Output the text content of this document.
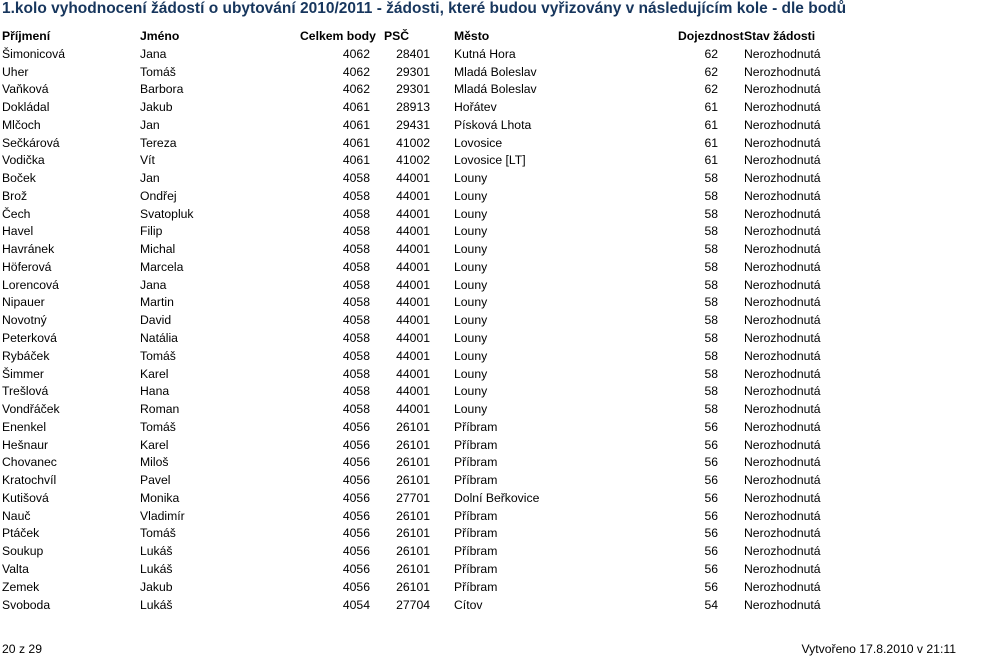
1.kolo vyhodnocení žádostí o ubytování 2010/2011 - žádosti, které budou vyřizovány v následujícím kole - dle bodů
Příjmení	Jméno	Celkem body		PSČ		Město		Dojezdnost	Stav žádosti
Šimonicová	Jana	4062		28401		Kutná Hora		62	Nerozhodnutá
Uher	Tomáš	4062		29301		Mladá Boleslav		62	Nerozhodnutá
Vaňková	Barbora	4062		29301		Mladá Boleslav		62	Nerozhodnutá
Dokládal	Jakub	4061		28913		Hořátev		61	Nerozhodnutá
Mlčoch	Jan	4061		29431		Písková Lhota		61	Nerozhodnutá
Sečkárová	Tereza	4061		41002		Lovosice		61	Nerozhodnutá
Vodička	Vít	4061		41002		Lovosice [LT]		61	Nerozhodnutá
Boček	Jan	4058		44001		Louny		58	Nerozhodnutá
Brož	Ondřej	4058		44001		Louny		58	Nerozhodnutá
Čech	Svatopluk	4058		44001		Louny		58	Nerozhodnutá
Havel	Filip	4058		44001		Louny		58	Nerozhodnutá
Havránek	Michal	4058		44001		Louny		58	Nerozhodnutá
Höferová	Marcela	4058		44001		Louny		58	Nerozhodnutá
Lorencová	Jana	4058		44001		Louny		58	Nerozhodnutá
Nipauer	Martin	4058		44001		Louny		58	Nerozhodnutá
Novotný	David	4058		44001		Louny		58	Nerozhodnutá
Peterková	Natália	4058		44001		Louny		58	Nerozhodnutá
Rybáček	Tomáš	4058		44001		Louny		58	Nerozhodnutá
Šimmer	Karel	4058		44001		Louny		58	Nerozhodnutá
Trešlová	Hana	4058		44001		Louny		58	Nerozhodnutá
Vondřáček	Roman	4058		44001		Louny		58	Nerozhodnutá
Enenkel	Tomáš	4056		26101		Příbram		56	Nerozhodnutá
Hešnaur	Karel	4056		26101		Příbram		56	Nerozhodnutá
Chovanec	Miloš	4056		26101		Příbram		56	Nerozhodnutá
Kratochvíl	Pavel	4056		26101		Příbram		56	Nerozhodnutá
Kutišová	Monika	4056		27701		Dolní Beřkovice		56	Nerozhodnutá
Nauč	Vladimír	4056		26101		Příbram		56	Nerozhodnutá
Ptáček	Tomáš	4056		26101		Příbram		56	Nerozhodnutá
Soukup	Lukáš	4056		26101		Příbram		56	Nerozhodnutá
Valta	Lukáš	4056		26101		Příbram		56	Nerozhodnutá
Zemek	Jakub	4056		26101		Příbram		56	Nerozhodnutá
Svoboda	Lukáš	4054		27704		Cítov		54	Nerozhodnutá
20 z 29	Vytvořeno 17.8.2010 v 21:11
